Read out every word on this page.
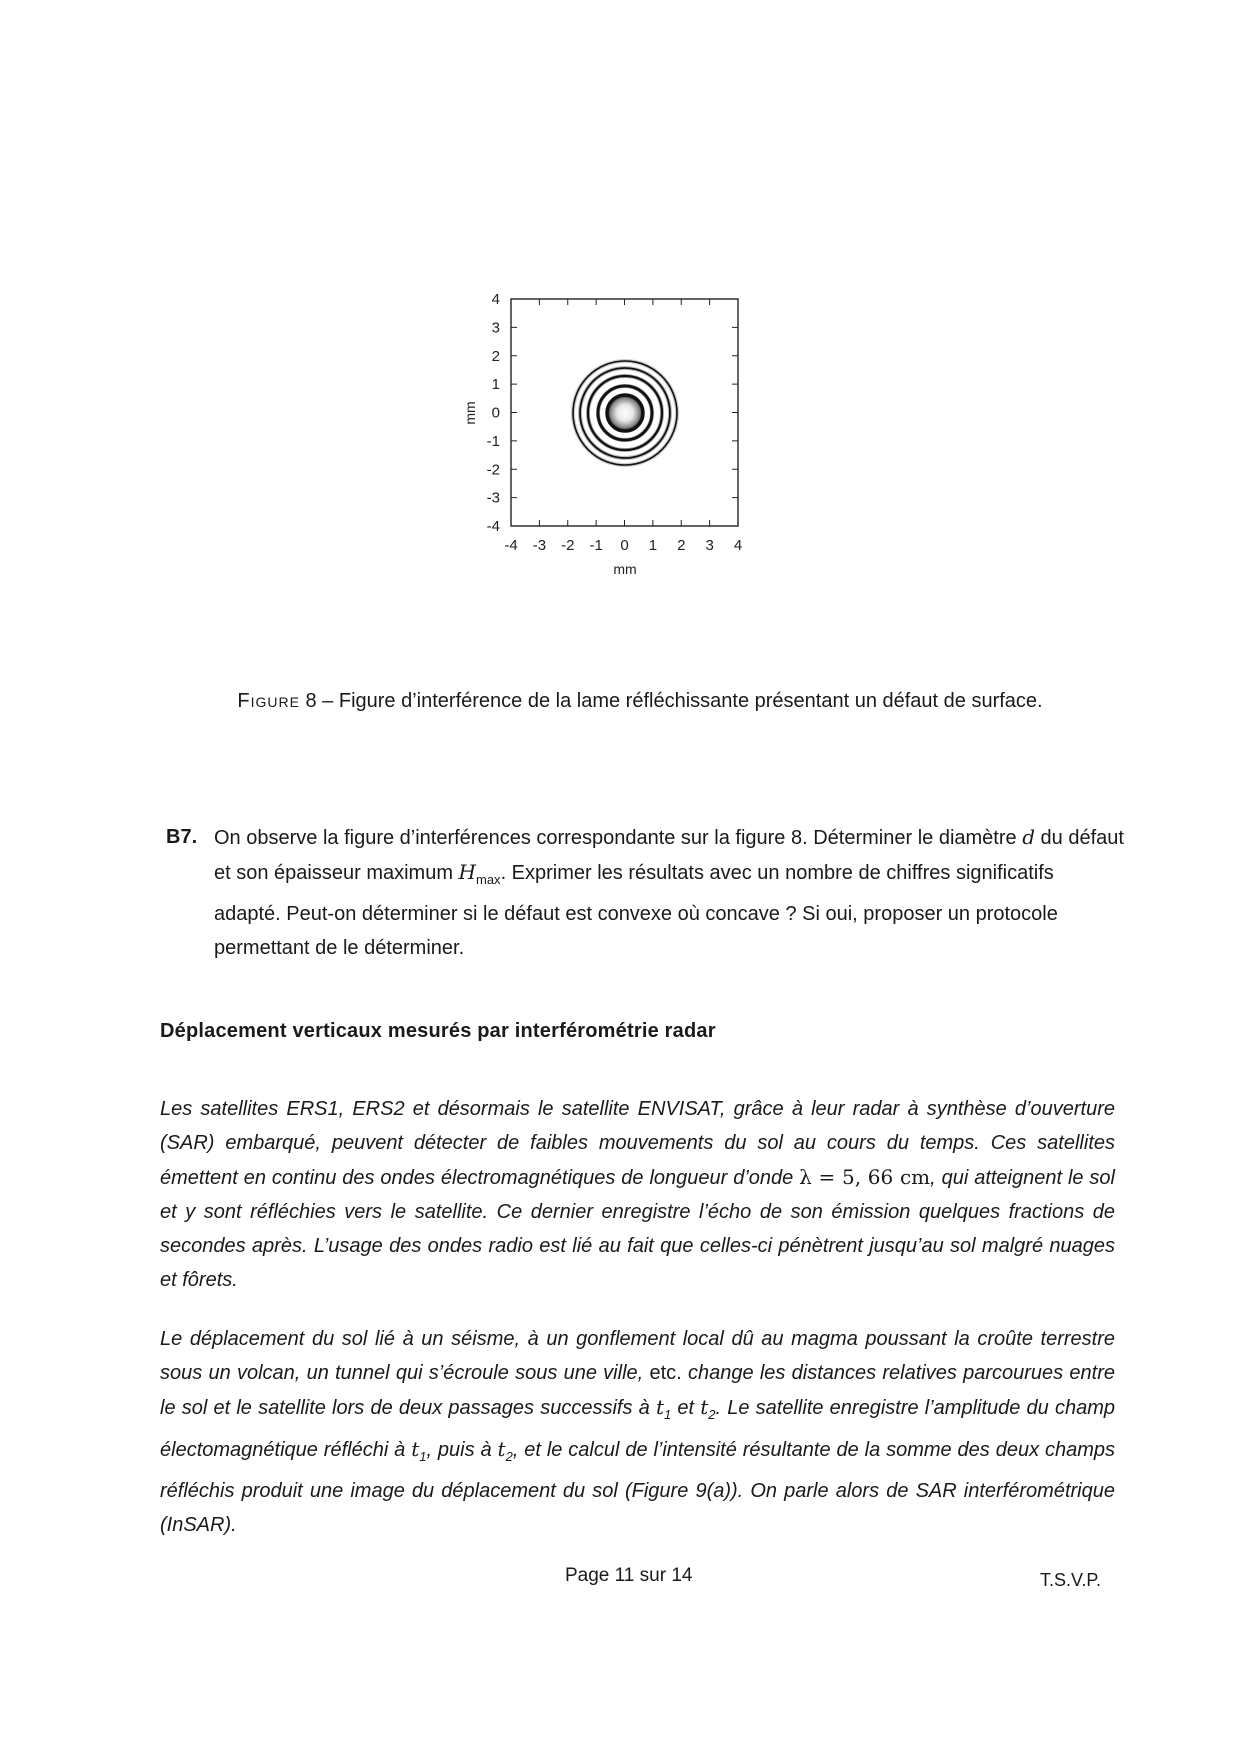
4
3
2
1
0
-1
-2
-3
-4
-4 -3 -2 -1 0 1 2 3 4
mm
mm
Figure 8 – Figure d’interférence de la lame réfléchissante présentant un défaut de surface.
B7. On observe la figure d’interférences correspondante sur la figure 8. Déterminer le diamètre d du défaut et son épaisseur maximum $H_{max}$. Exprimer les résultats avec un nombre de chiffres significatifs adapté. Peut-on déterminer si le défaut est convexe où concave ? Si oui, proposer un protocole permettant de le déterminer.
Déplacement verticaux mesurés par interférométrie radar
Les satellites ERS1, ERS2 et désormais le satellite ENVISAT, grâce à leur radar à synthèse d’ouverture (SAR) embarqué, peuvent détecter de faibles mouvements du sol au cours du temps. Ces satellites émettent en continu des ondes électromagnétiques de longueur d’onde λ = 5, 66 cm, qui atteignent le sol et y sont réfléchies vers le satellite. Ce dernier enregistre l’écho de son émission quelques fractions de secondes après. L’usage des ondes radio est lié au fait que celles-ci pénètrent jusqu’au sol malgré nuages et fôrets.
Le déplacement du sol lié à un séisme, à un gonflement local dû au magma poussant la croûte terrestre sous un volcan, un tunnel qui s’écroule sous une ville, etc. change les distances relatives parcourues entre le sol et le satellite lors de deux passages successifs à $t_1$ et $t_2$. Le satellite enregistre l’amplitude du champ électomagnétique réfléchi à $t_1$, puis à $t_2$, et le calcul de l’intensité résultante de la somme des deux champs réfléchis produit une image du déplacement du sol (Figure 9(a)). On parle alors de SAR interférométrique (InSAR).
Page 11 sur 14	T.S.V.P.
